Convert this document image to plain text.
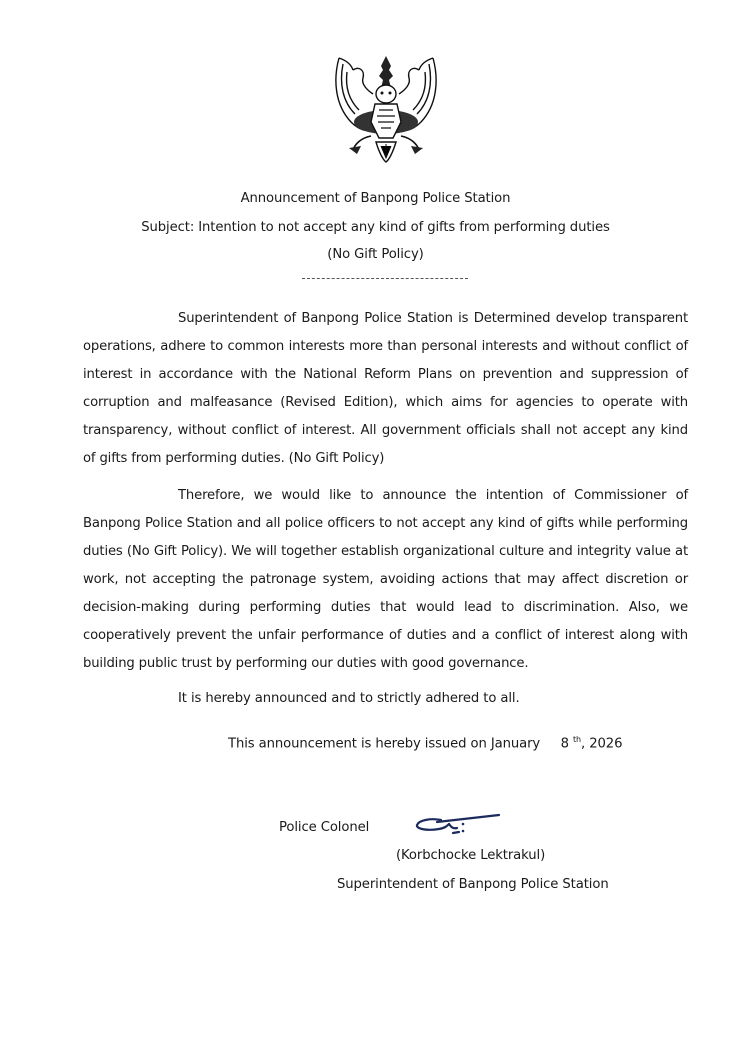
Announcement of Banpong Police Station
Subject: Intention to not accept any kind of gifts from performing duties
(No Gift Policy)

Superintendent of Banpong Police Station is Determined develop transparent operations, adhere to common interests more than personal interests and without conflict of interest in accordance with the National Reform Plans on prevention and suppression of corruption and malfeasance (Revised Edition), which aims for agencies to operate with transparency, without conflict of interest. All government officials shall not accept any kind of gifts from performing duties. (No Gift Policy)

Therefore, we would like to announce the intention of Commissioner of Banpong Police Station and all police officers to not accept any kind of gifts while performing duties (No Gift Policy). We will together establish organizational culture and integrity value at work, not accepting the patronage system, avoiding actions that may affect discretion or decision-making during performing duties that would lead to discrimination. Also, we cooperatively prevent the unfair performance of duties and a conflict of interest along with building public trust by performing our duties with good governance.

It is hereby announced and to strictly adhered to all.
This announcement is hereby issued on January 8 $^{th}$, 2026
Police Colonel
(Korbchocke Lektrakul)
Superintendent of Banpong Police Station
